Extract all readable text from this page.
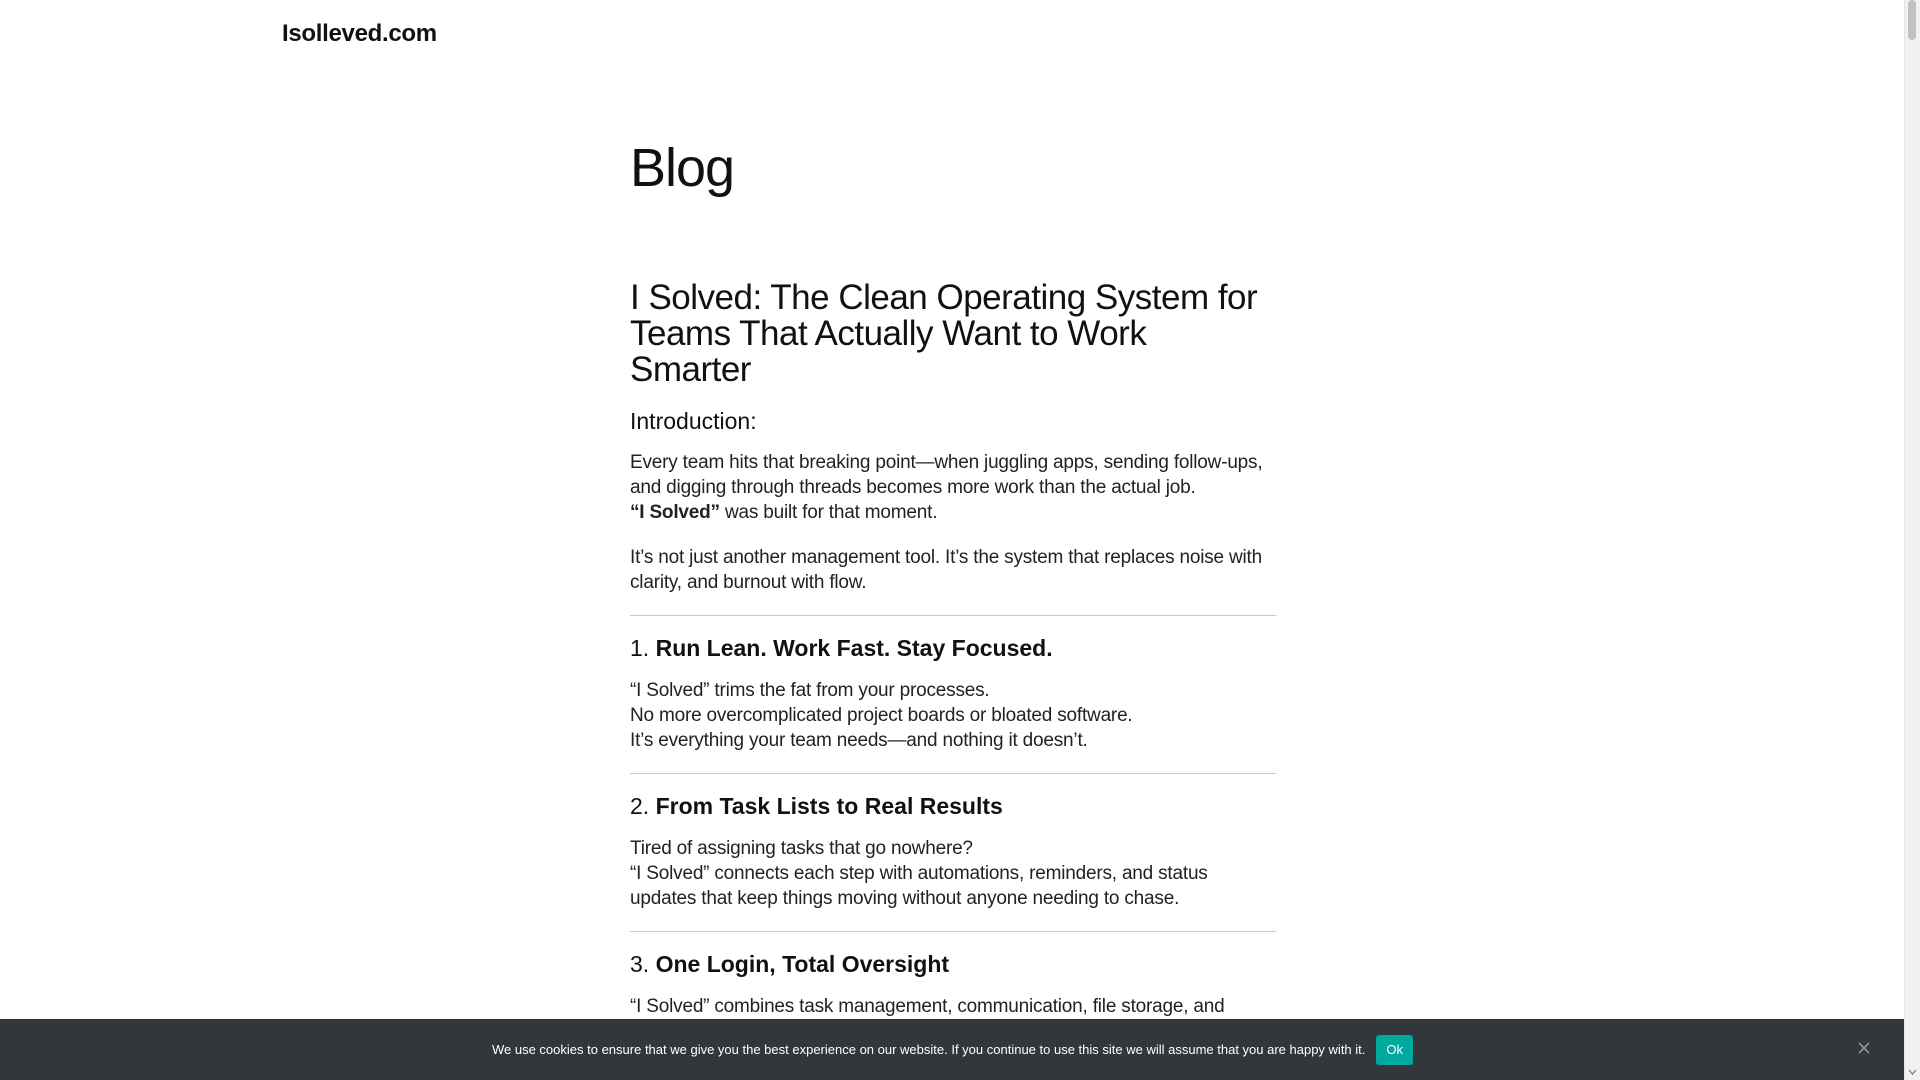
Isolleved.com
Blog
I Solved: The Clean Operating System for Teams That Actually Want to Work Smarter
Introduction:

Every team hits that breaking point—when juggling apps, sending follow-ups, and digging through threads becomes more work than the actual job.
“I Solved” was built for that moment.

It’s not just another management tool. It’s the system that replaces noise with clarity, and burnout with flow.

1. Run Lean. Work Fast. Stay Focused.

“I Solved” trims the fat from your processes.
No more overcomplicated project boards or bloated software.
It’s everything your team needs—and nothing it doesn’t.

2. From Task Lists to Real Results

Tired of assigning tasks that go nowhere?
“I Solved” connects each step with automations, reminders, and status updates that keep things moving without anyone needing to chase.

3. One Login, Total Oversight

“I Solved” combines task management, communication, file storage, and

We use cookies to ensure that we give you the best experience on our website. If you continue to use this site we will assume that you are happy with it.	Ok
